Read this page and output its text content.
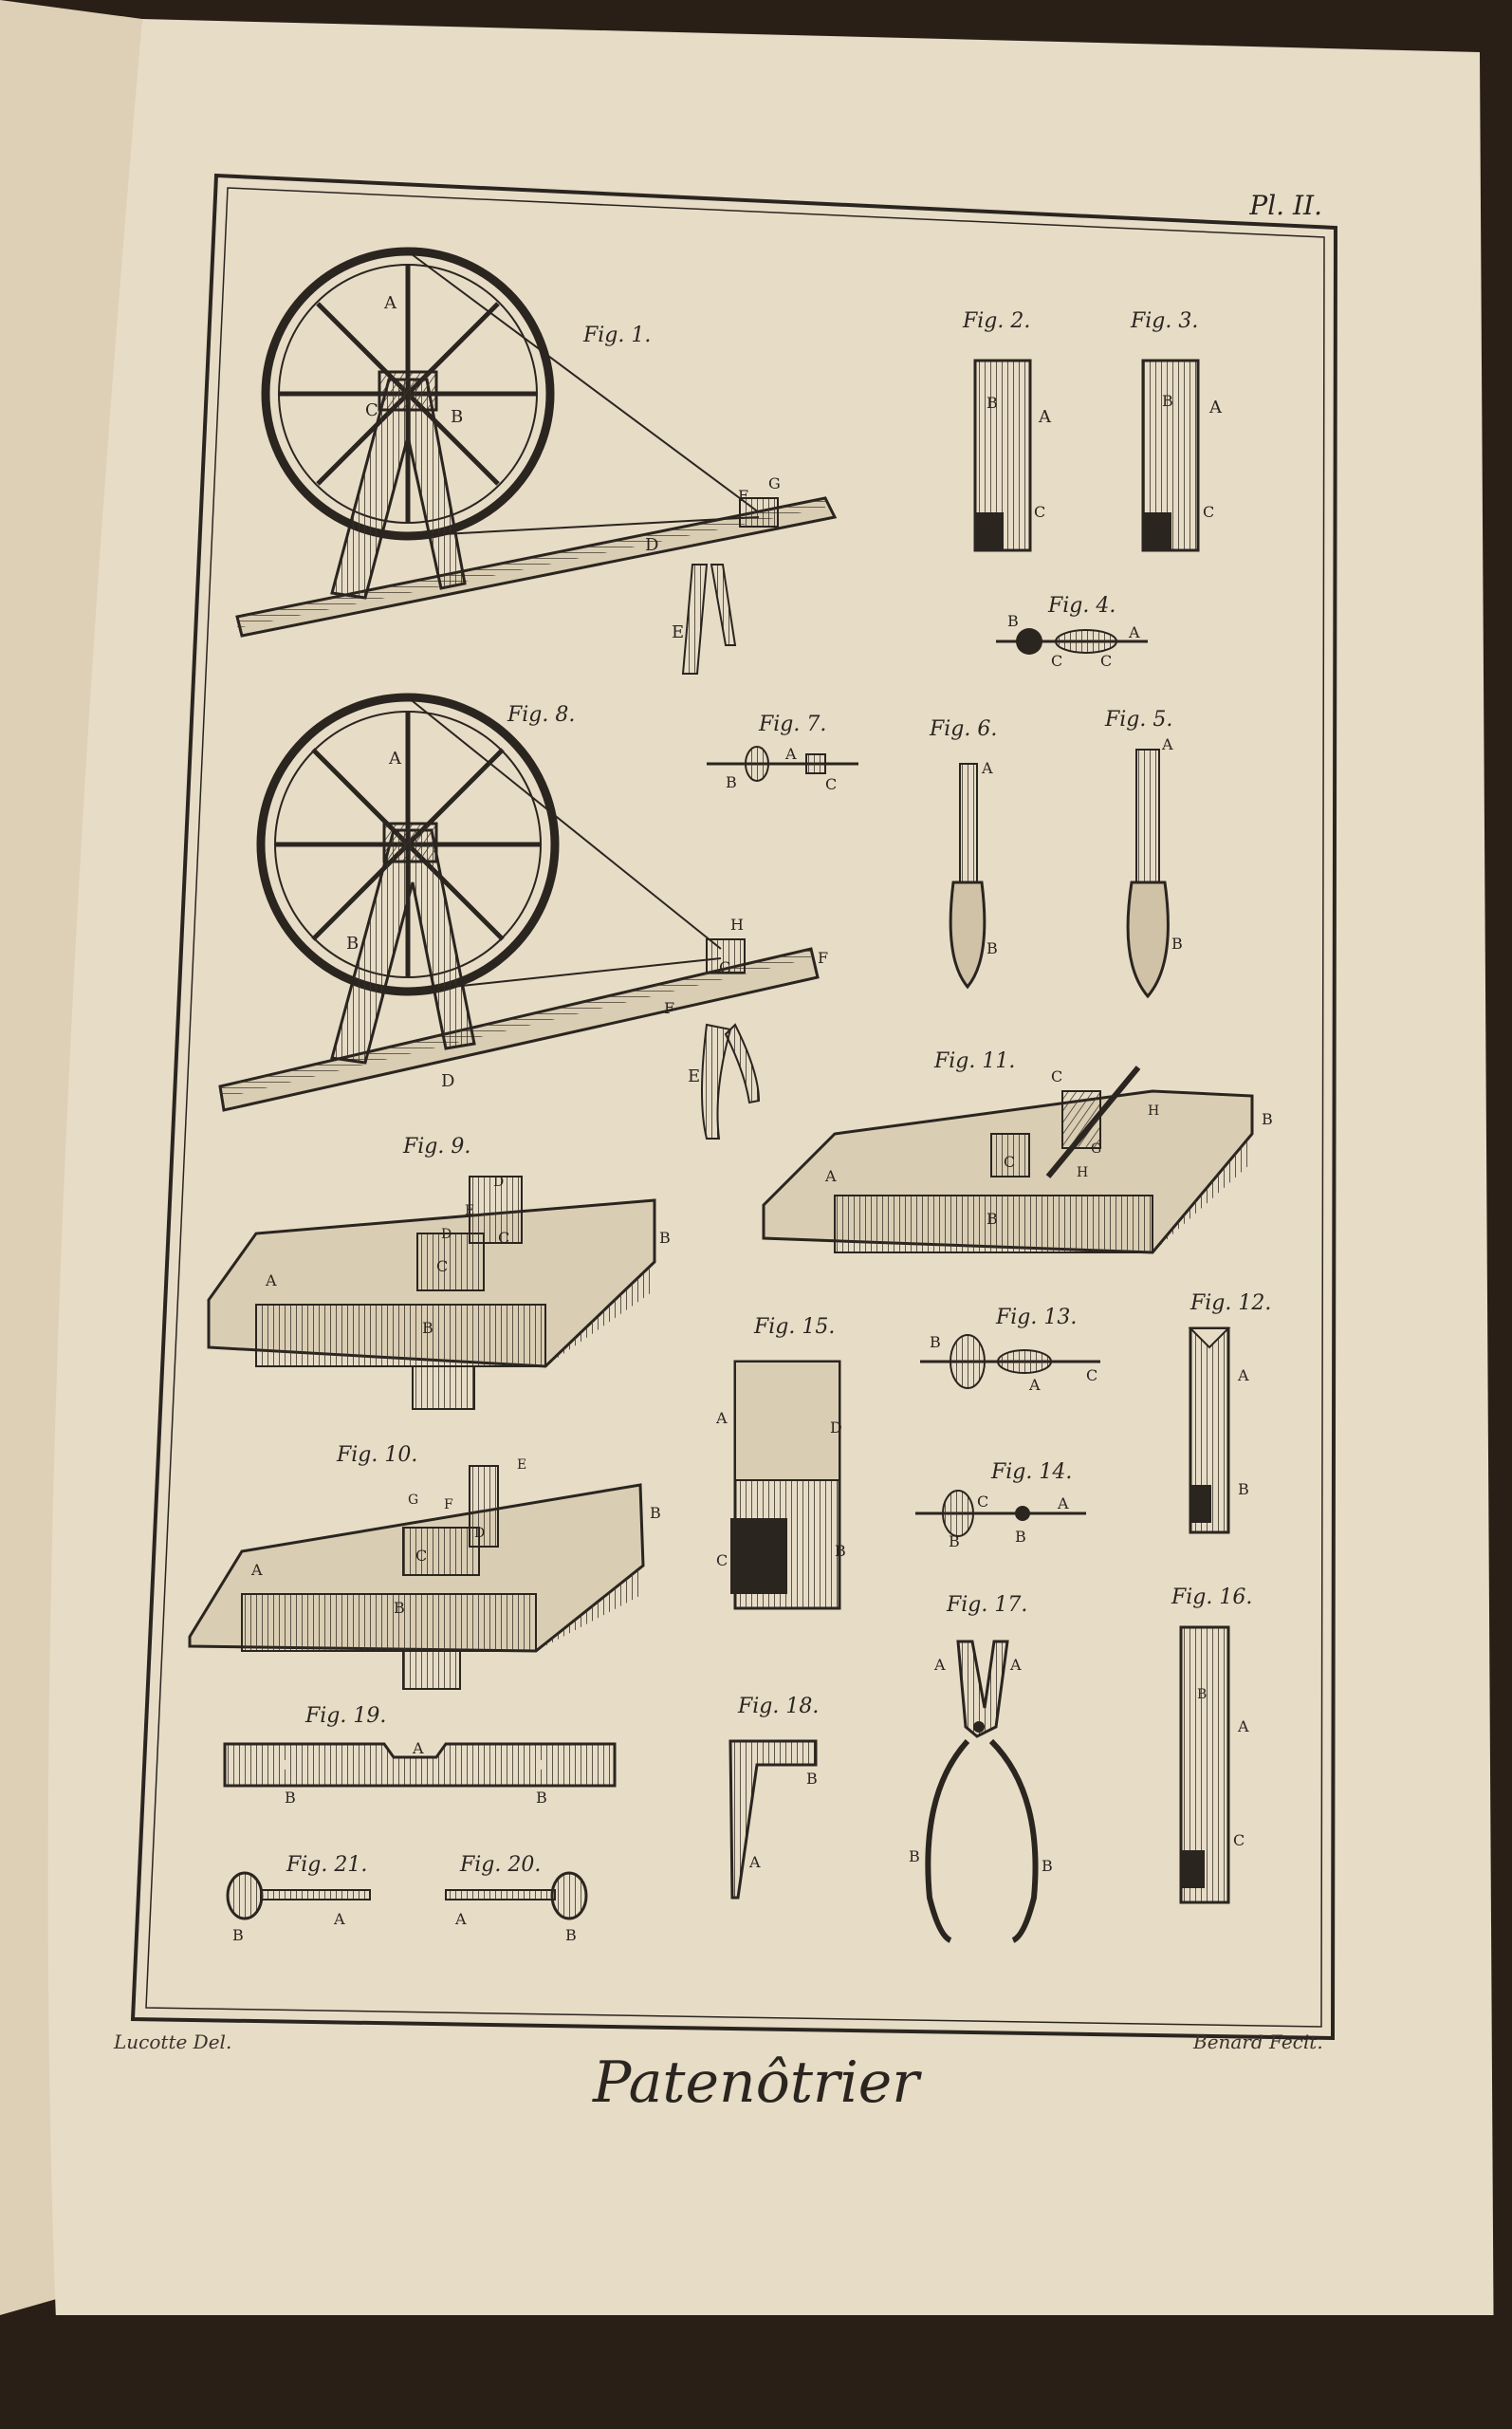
Fig. 1.
A
B
C
D
E
F
G
Fig. 2.
A
B
C
Fig. 3.
A
B
C
Fig. 4.
B
A
C C
Fig. 8.
A
B
D	E
F
F
G
H
Fig. 7.
B
A
C
Fig. 6.
A
B
Fig. 5.
A
B
Fig. 11.
A
B
B
C
C
H
H
G
Fig. 9.
A
B
B
C
C
D
D
E
Fig. 15.
A
B
C
D
Fig. 13.
B
A
C
Fig. 14.
C
B	B
A
Fig. 12.
A
B
Fig. 10.
A
B
B
C
D
E
F
G
Fig. 17.
A	A
B
B
Fig. 16.
A
B
C
Fig. 19.
A
B	B
Fig. 18.
B
A
Fig. 21.
B
A
Fig. 20.
A
B
Pl. II.
Lucotte Del.	Benard Fecit.
Patenôtrier
